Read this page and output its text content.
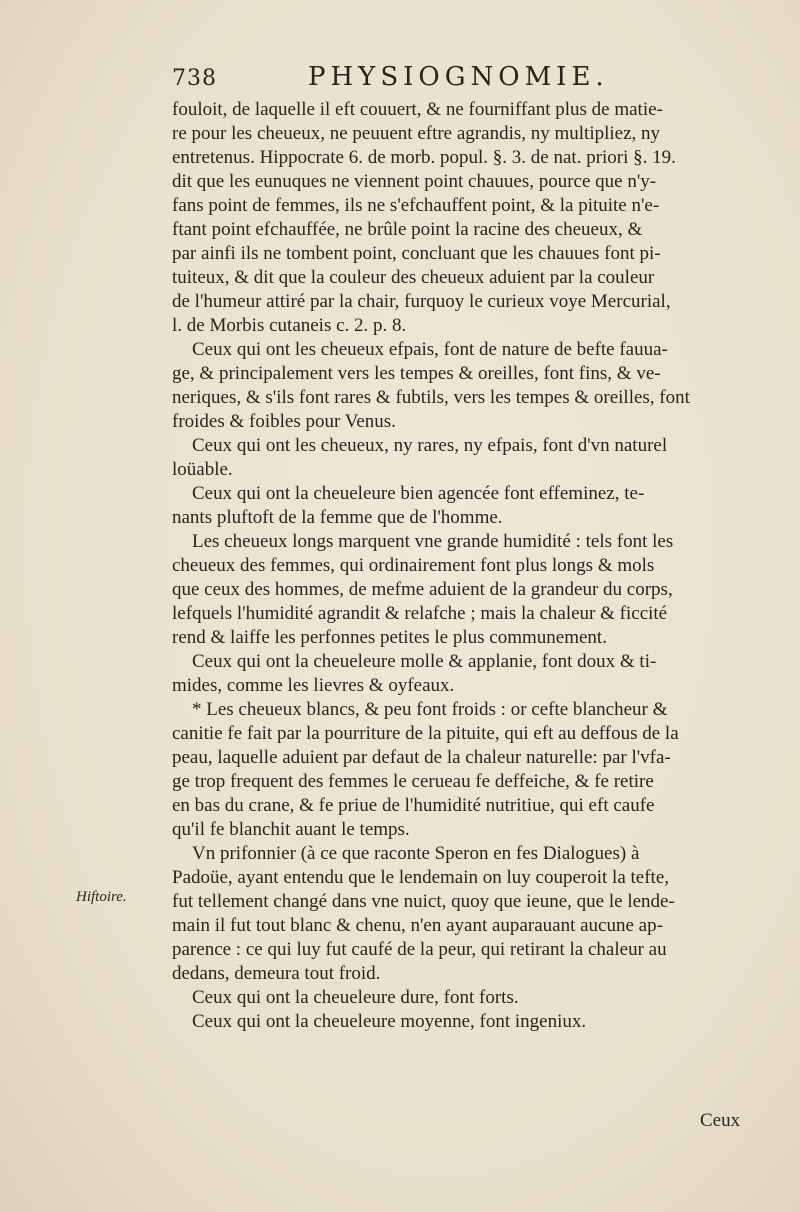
738	PHYSIOGNOMIE.
fouloit, de laquelle il eft couuert, & ne fourniffant plus de matie-
re pour les cheueux, ne peuuent eftre agrandis, ny multipliez, ny
entretenus. Hippocrate 6. de morb. popul. §. 3. de nat. priori §. 19.
dit que les eunuques ne viennent point chauues, pource que n'y-
fans point de femmes, ils ne s'efchauffent point, & la pituite n'e-
ftant point efchauffée, ne brûle point la racine des cheueux, &
par ainfi ils ne tombent point, concluant que les chauues font pi-
tuiteux, & dit que la couleur des cheueux aduient par la couleur
de l'humeur attiré par la chair, furquoy le curieux voye Mercurial,
l. de Morbis cutaneis c. 2. p. 8.
Ceux qui ont les cheueux efpais, font de nature de befte fauua-
ge, & principalement vers les tempes & oreilles, font fins, & ve-
neriques, & s'ils font rares & fubtils, vers les tempes & oreilles, font
froides & foibles pour Venus.
Ceux qui ont les cheueux, ny rares, ny efpais, font d'vn naturel
loüable.
Ceux qui ont la cheueleure bien agencée font effeminez, te-
nants pluftoft de la femme que de l'homme.
Les cheueux longs marquent vne grande humidité : tels font les
cheueux des femmes, qui ordinairement font plus longs & mols
que ceux des hommes, de mefme aduient de la grandeur du corps,
lefquels l'humidité agrandit & relafche ; mais la chaleur & ficcité
rend & laiffe les perfonnes petites le plus communement.
Ceux qui ont la cheueleure molle & applanie, font doux & ti-
mides, comme les lievres & oyfeaux.
* Les cheueux blancs, & peu font froids : or cefte blancheur &
canitie fe fait par la pourriture de la pituite, qui eft au deffous de la
peau, laquelle aduient par defaut de la chaleur naturelle: par l'vfa-
ge trop frequent des femmes le cerueau fe deffeiche, & fe retire
en bas du crane, & fe priue de l'humidité nutritiue, qui eft caufe
qu'il fe blanchit auant le temps.
Vn prifonnier (à ce que raconte Speron en fes Dialogues) à
Padoüe, ayant entendu que le lendemain on luy couperoit la tefte,
fut tellement changé dans vne nuict, quoy que ieune, que le lende-
main il fut tout blanc & chenu, n'en ayant auparauant aucune ap-
parence : ce qui luy fut caufé de la peur, qui retirant la chaleur au
dedans, demeura tout froid.
Ceux qui ont la cheueleure dure, font forts.
Ceux qui ont la cheueleure moyenne, font ingeniux.
Hiftoire.
Ceux
